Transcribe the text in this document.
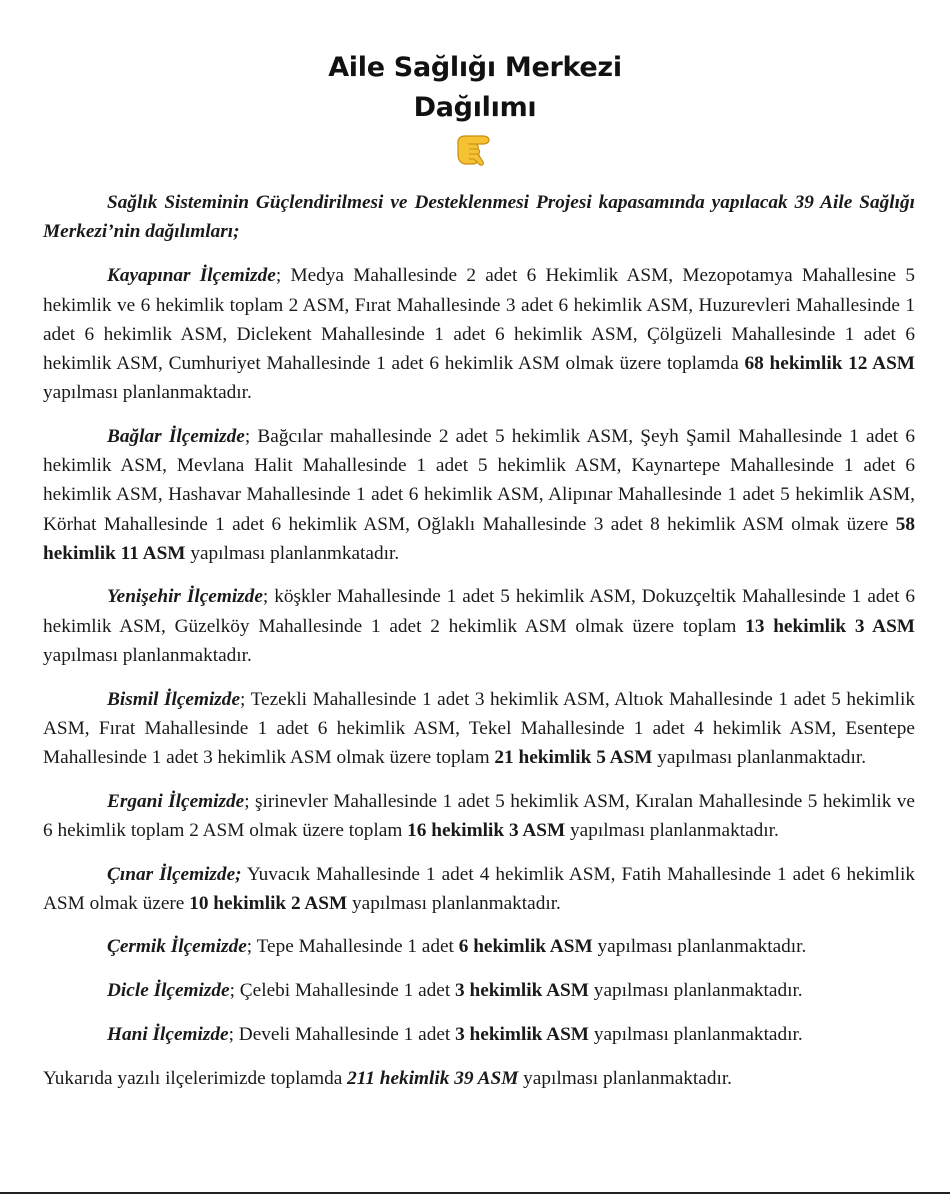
Aile Sağlığı Merkezi
Dağılımı

Sağlık Sisteminin Güçlendirilmesi ve Desteklenmesi Projesi kapasamında yapılacak 39 Aile Sağlığı Merkezi’nin dağılımları;

Kayapınar İlçemizde; Medya Mahallesinde 2 adet 6 Hekimlik ASM, Mezopotamya Mahallesine 5 hekimlik ve 6 hekimlik toplam 2 ASM, Fırat Mahallesinde 3 adet 6 hekimlik ASM, Huzurevleri Mahallesinde 1 adet 6 hekimlik ASM, Diclekent Mahallesinde 1 adet 6 hekimlik ASM, Çölgüzeli Mahallesinde 1 adet 6 hekimlik ASM, Cumhuriyet Mahallesinde 1 adet 6 hekimlik ASM olmak üzere toplamda 68 hekimlik 12 ASM yapılması planlanmaktadır.

Bağlar İlçemizde; Bağcılar mahallesinde 2 adet 5 hekimlik ASM, Şeyh Şamil Mahallesinde 1 adet 6 hekimlik ASM, Mevlana Halit Mahallesinde 1 adet 5 hekimlik ASM, Kaynartepe Mahallesinde 1 adet 6 hekimlik ASM, Hashavar Mahallesinde 1 adet 6 hekimlik ASM, Alipınar Mahallesinde 1 adet 5 hekimlik ASM, Körhat Mahallesinde 1 adet 6 hekimlik ASM, Oğlaklı Mahallesinde 3 adet 8 hekimlik ASM olmak üzere 58 hekimlik 11 ASM yapılması planlanmkatadır.

Yenişehir İlçemizde; köşkler Mahallesinde 1 adet 5 hekimlik ASM, Dokuzçeltik Mahallesinde 1 adet 6 hekimlik ASM, Güzelköy Mahallesinde 1 adet 2 hekimlik ASM olmak üzere toplam 13 hekimlik 3 ASM yapılması planlanmaktadır.

Bismil İlçemizde; Tezekli Mahallesinde 1 adet 3 hekimlik ASM, Altıok Mahallesinde 1 adet 5 hekimlik ASM, Fırat Mahallesinde 1 adet 6 hekimlik ASM, Tekel Mahallesinde 1 adet 4 hekimlik ASM, Esentepe Mahallesinde 1 adet 3 hekimlik ASM olmak üzere toplam 21 hekimlik 5 ASM yapılması planlanmaktadır.

Ergani İlçemizde; şirinevler Mahallesinde 1 adet 5 hekimlik ASM, Kıralan Mahallesinde 5 hekimlik ve 6 hekimlik toplam 2 ASM olmak üzere toplam 16 hekimlik 3 ASM yapılması planlanmaktadır.

Çınar İlçemizde; Yuvacık Mahallesinde 1 adet 4 hekimlik ASM, Fatih Mahallesinde 1 adet 6 hekimlik ASM olmak üzere 10 hekimlik 2 ASM yapılması planlanmaktadır.

Çermik İlçemizde; Tepe Mahallesinde 1 adet 6 hekimlik ASM yapılması planlanmaktadır.

Dicle İlçemizde; Çelebi Mahallesinde 1 adet 3 hekimlik ASM yapılması planlanmaktadır.

Hani İlçemizde; Develi Mahallesinde 1 adet 3 hekimlik ASM yapılması planlanmaktadır.

Yukarıda yazılı ilçelerimizde toplamda 211 hekimlik 39 ASM yapılması planlanmaktadır.
